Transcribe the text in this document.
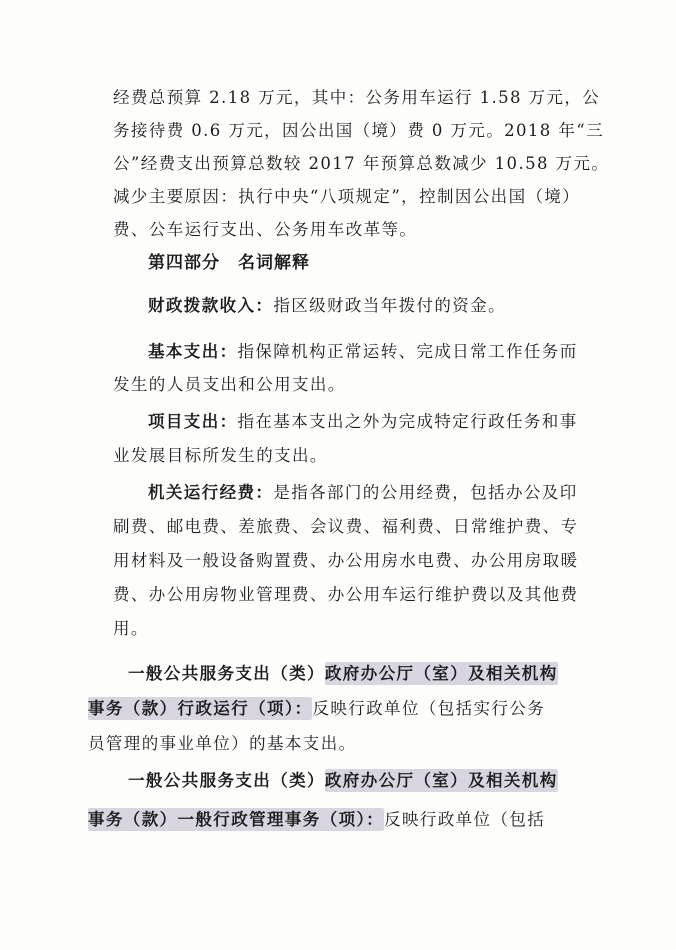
经费总预算 2.18 万元，其中：公务用车运行 1.58 万元，公
务接待费 0.6 万元，因公出国（境）费 0 万元。2018 年“三
公”经费支出预算总数较 2017 年预算总数减少 10.58 万元。
减少主要原因：执行中央“八项规定”，控制因公出国（境）
费、公车运行支出、公务用车改革等。
第四部分　名词解释
财政拨款收入：指区级财政当年拨付的资金。
基本支出：指保障机构正常运转、完成日常工作任务而
发生的人员支出和公用支出。
项目支出：指在基本支出之外为完成特定行政任务和事
业发展目标所发生的支出。
机关运行经费：是指各部门的公用经费，包括办公及印
刷费、邮电费、差旅费、会议费、福利费、日常维护费、专
用材料及一般设备购置费、办公用房水电费、办公用房取暖
费、办公用房物业管理费、办公用车运行维护费以及其他费
用。
一般公共服务支出（类）政府办公厅（室）及相关机构
事务（款）行政运行（项）：反映行政单位（包括实行公务
员管理的事业单位）的基本支出。
一般公共服务支出（类）政府办公厅（室）及相关机构
事务（款）一般行政管理事务（项）：反映行政单位（包括
